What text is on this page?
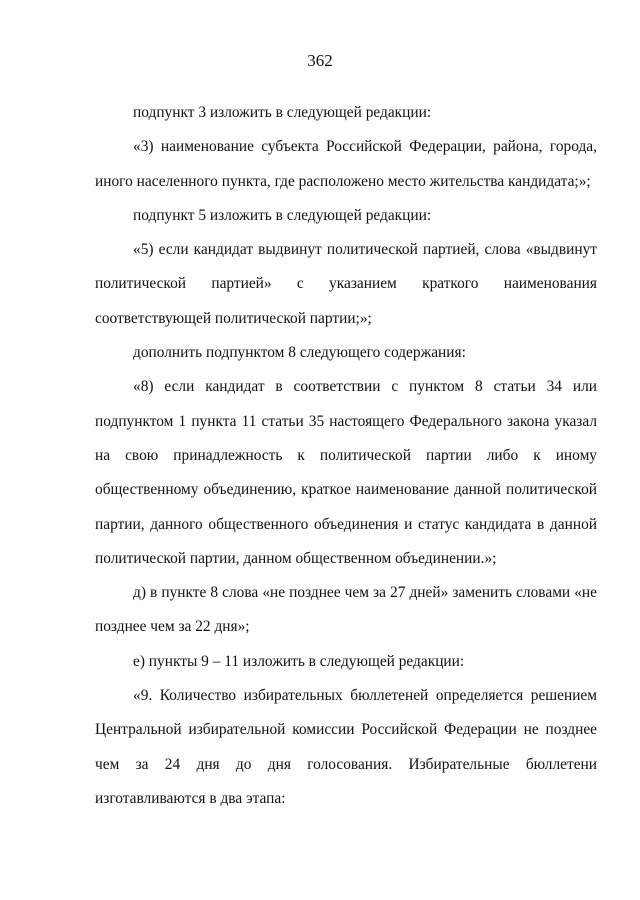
362

подпункт 3 изложить в следующей редакции:

«3) наименование субъекта Российской Федерации, района, города, иного населенного пункта, где расположено место жительства кандидата;»;

подпункт 5 изложить в следующей редакции:

«5) если кандидат выдвинут политической партией, слова «выдвинут политической партией» с указанием краткого наименования соответствующей политической партии;»;

дополнить подпунктом 8 следующего содержания:

«8) если кандидат в соответствии с пунктом 8 статьи 34 или подпунктом 1 пункта 11 статьи 35 настоящего Федерального закона указал на свою принадлежность к политической партии либо к иному общественному объединению, краткое наименование данной политической партии, данного общественного объединения и статус кандидата в данной политической партии, данном общественном объединении.»;

д) в пункте 8 слова «не позднее чем за 27 дней» заменить словами «не позднее чем за 22 дня»;

е) пункты 9 – 11 изложить в следующей редакции:

«9. Количество избирательных бюллетеней определяется решением Центральной избирательной комиссии Российской Федерации не позднее чем за 24 дня до дня голосования. Избирательные бюллетени изготавливаются в два этапа:
